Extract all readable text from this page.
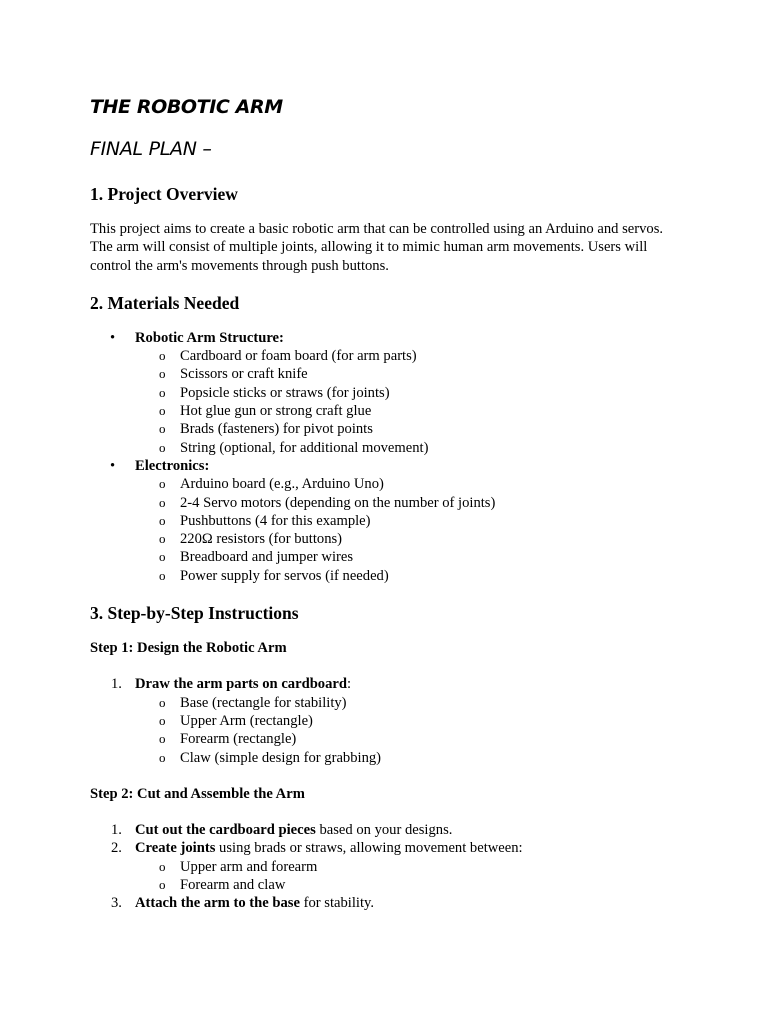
THE ROBOTIC ARM
FINAL PLAN –
1. Project Overview

This project aims to create a basic robotic arm that can be controlled using an Arduino and servos. The arm will consist of multiple joints, allowing it to mimic human arm movements. Users will control the arm's movements through push buttons.

2. Materials Needed
• Robotic Arm Structure:
o Cardboard or foam board (for arm parts)
o Scissors or craft knife
o Popsicle sticks or straws (for joints)
o Hot glue gun or strong craft glue
o Brads (fasteners) for pivot points
o String (optional, for additional movement)
• Electronics:
o Arduino board (e.g., Arduino Uno)
o 2-4 Servo motors (depending on the number of joints)
o Pushbuttons (4 for this example)
o 220Ω resistors (for buttons)
o Breadboard and jumper wires
o Power supply for servos (if needed)
3. Step-by-Step Instructions
Step 1: Design the Robotic Arm
1. Draw the arm parts on cardboard:
o Base (rectangle for stability)
o Upper Arm (rectangle)
o Forearm (rectangle)
o Claw (simple design for grabbing)
Step 2: Cut and Assemble the Arm
1. Cut out the cardboard pieces based on your designs.
2. Create joints using brads or straws, allowing movement between:
o Upper arm and forearm
o Forearm and claw
3. Attach the arm to the base for stability.
